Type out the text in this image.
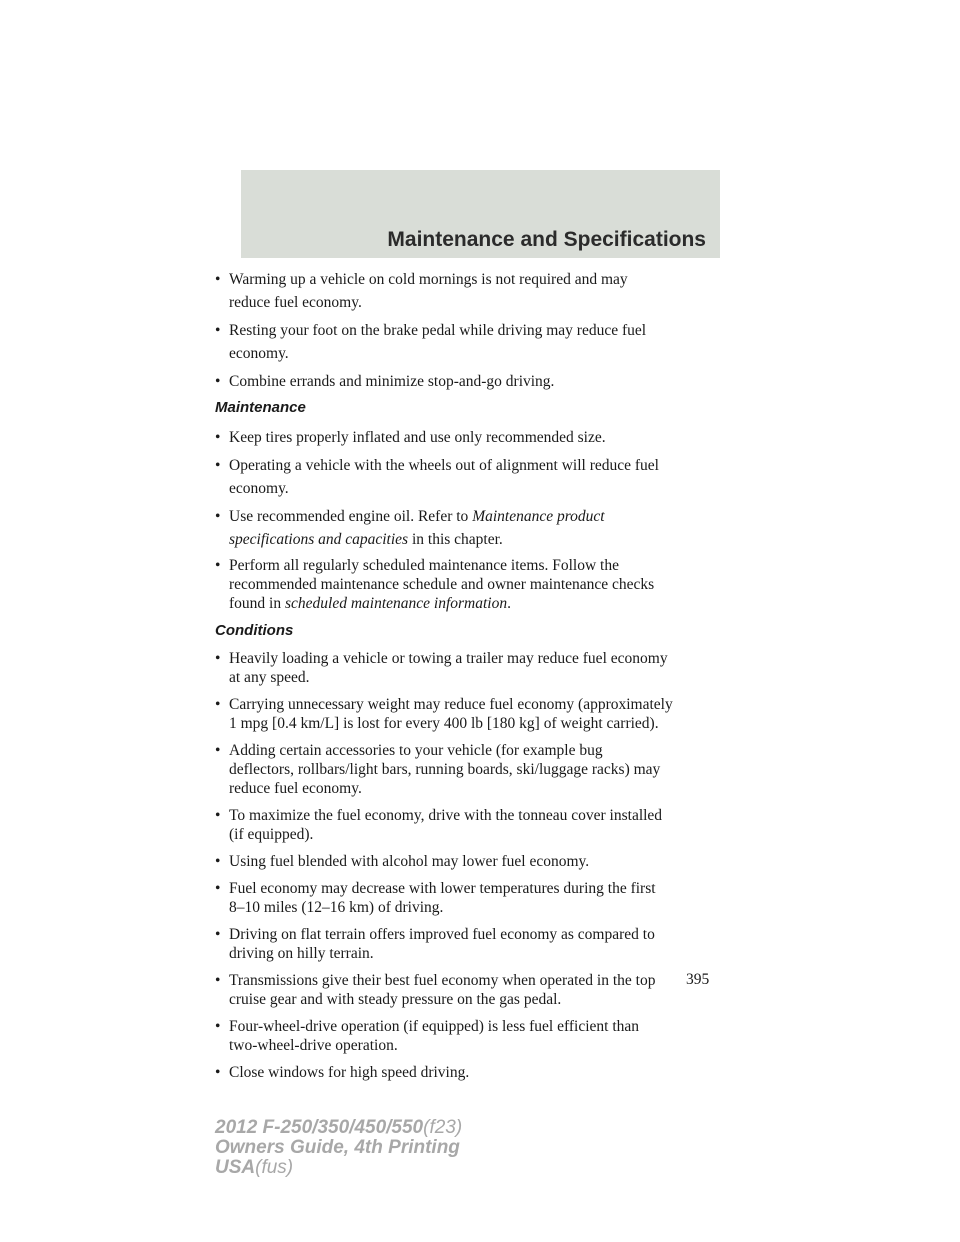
Maintenance and Specifications
• Warming up a vehicle on cold mornings is not required and may
reduce fuel economy.
• Resting your foot on the brake pedal while driving may reduce fuel
economy.
• Combine errands and minimize stop-and-go driving.
Maintenance
• Keep tires properly inflated and use only recommended size.
• Operating a vehicle with the wheels out of alignment will reduce fuel
economy.
• Use recommended engine oil. Refer to Maintenance product
specifications and capacities in this chapter.
• Perform all regularly scheduled maintenance items. Follow the
recommended maintenance schedule and owner maintenance checks
found in scheduled maintenance information.
Conditions
• Heavily loading a vehicle or towing a trailer may reduce fuel economy
at any speed.
• Carrying unnecessary weight may reduce fuel economy (approximately
1 mpg [0.4 km/L] is lost for every 400 lb [180 kg] of weight carried).
• Adding certain accessories to your vehicle (for example bug
deflectors, rollbars/light bars, running boards, ski/luggage racks) may
reduce fuel economy.
• To maximize the fuel economy, drive with the tonneau cover installed
(if equipped).
• Using fuel blended with alcohol may lower fuel economy.
• Fuel economy may decrease with lower temperatures during the first
8–10 miles (12–16 km) of driving.
• Driving on flat terrain offers improved fuel economy as compared to
driving on hilly terrain.
• Transmissions give their best fuel economy when operated in the top
cruise gear and with steady pressure on the gas pedal.
• Four-wheel-drive operation (if equipped) is less fuel efficient than
two-wheel-drive operation.
• Close windows for high speed driving.
395
2012 F-250/350/450/550(f23)
Owners Guide, 4th Printing
USA(fus)
